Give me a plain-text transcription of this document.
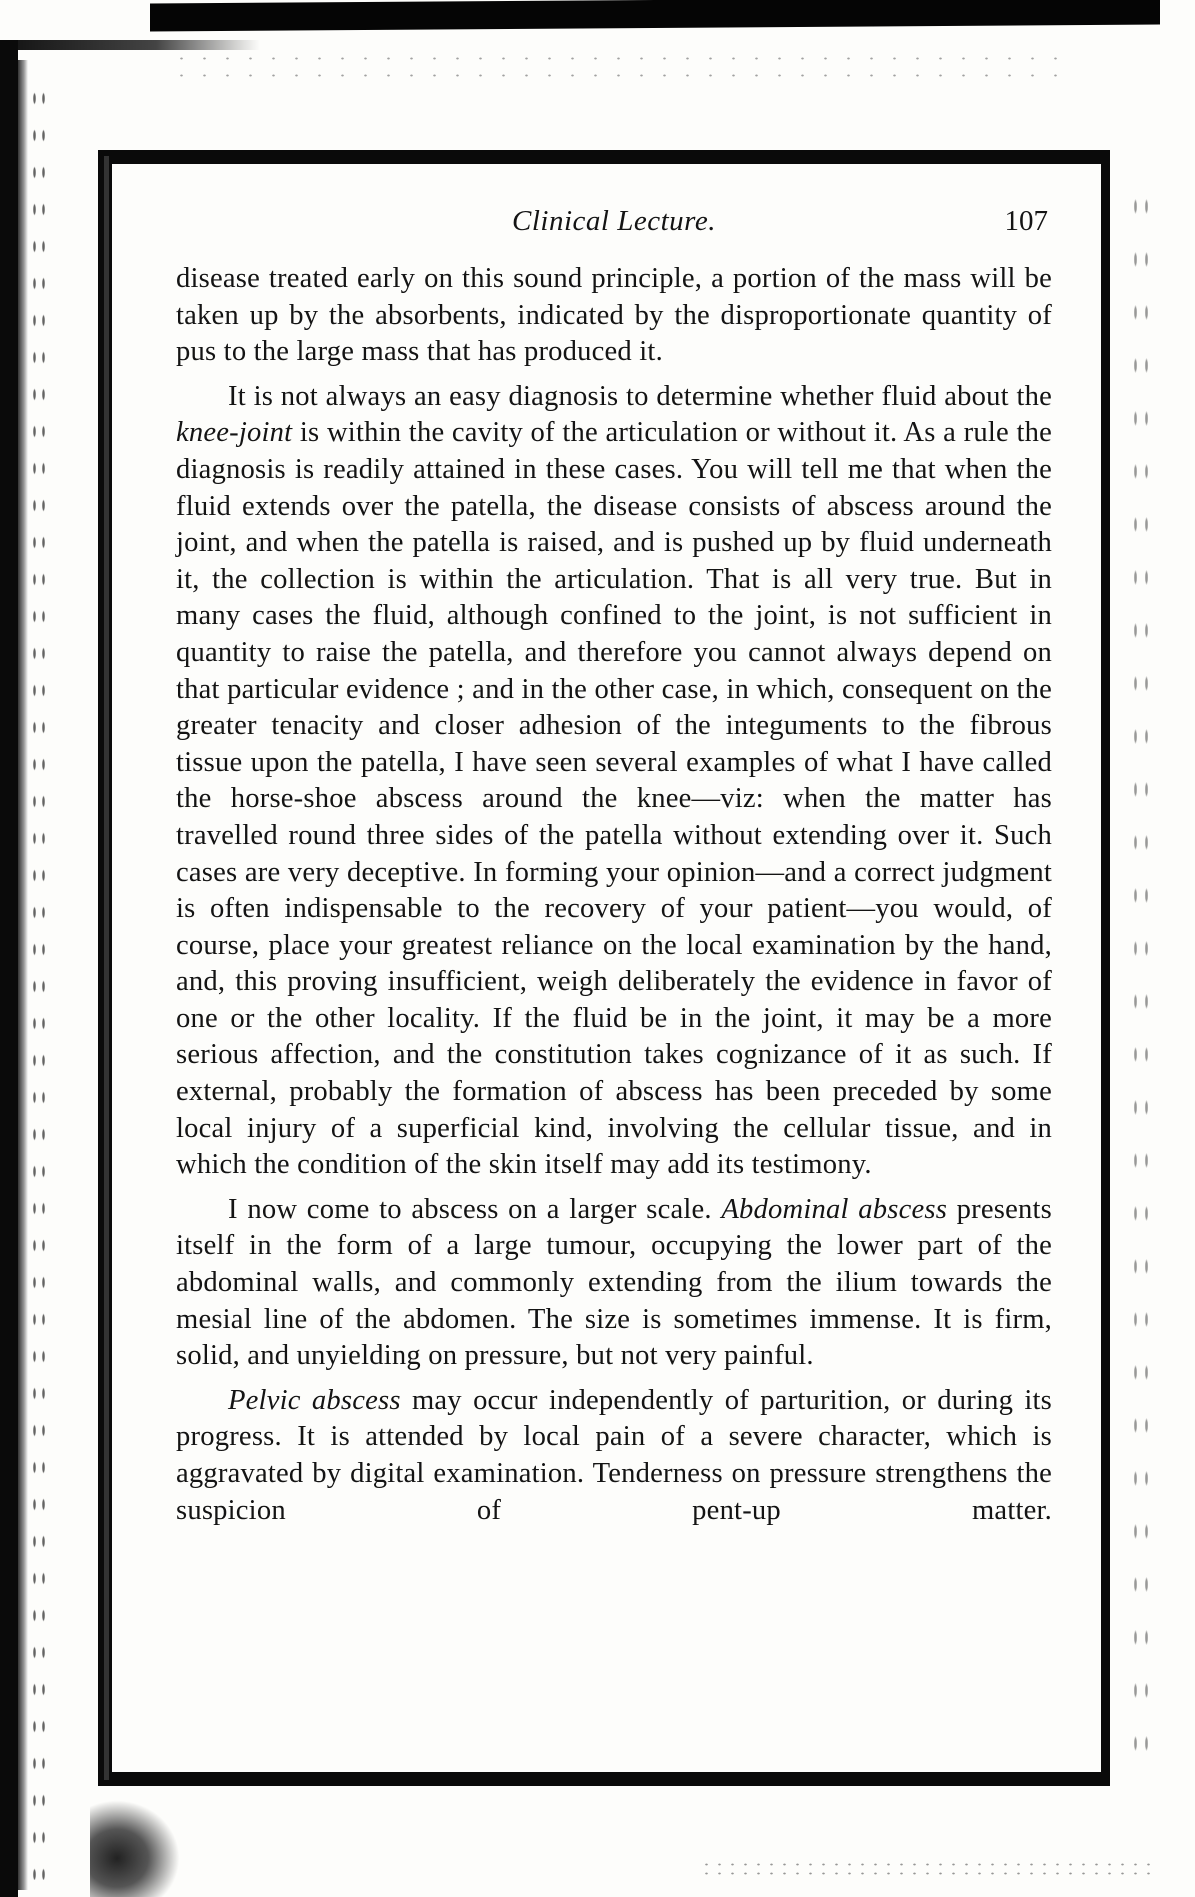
Clinical Lecture.	107

disease treated early on this sound principle, a portion of the mass will be taken up by the absorbents, indicated by the disproportionate quantity of pus to the large mass that has produced it.

It is not always an easy diagnosis to determine whether fluid about the knee-joint is within the cavity of the articulation or without it. As a rule the diagnosis is readily attained in these cases. You will tell me that when the fluid extends over the patella, the disease consists of abscess around the joint, and when the patella is raised, and is pushed up by fluid underneath it, the collection is within the articulation. That is all very true. But in many cases the fluid, although confined to the joint, is not sufficient in quantity to raise the patella, and therefore you cannot always depend on that particular evidence ; and in the other case, in which, consequent on the greater tenacity and closer adhesion of the integuments to the fibrous tissue upon the patella, I have seen several examples of what I have called the horse-shoe abscess around the knee—viz: when the matter has travelled round three sides of the patella without extending over it. Such cases are very deceptive. In forming your opinion—and a correct judgment is often indispensable to the recovery of your patient—you would, of course, place your greatest reliance on the local examination by the hand, and, this proving insufficient, weigh deliberately the evidence in favor of one or the other locality. If the fluid be in the joint, it may be a more serious affection, and the constitution takes cognizance of it as such. If external, probably the formation of abscess has been preceded by some local injury of a superficial kind, involving the cellular tissue, and in which the condition of the skin itself may add its testimony.

I now come to abscess on a larger scale. Abdominal abscess presents itself in the form of a large tumour, occupying the lower part of the abdominal walls, and commonly extending from the ilium towards the mesial line of the abdomen. The size is sometimes immense. It is firm, solid, and unyielding on pressure, but not very painful.

Pelvic abscess may occur independently of parturition, or during its progress. It is attended by local pain of a severe character, which is aggravated by digital examination. Tenderness on pressure strengthens the suspicion of pent-up matter.
